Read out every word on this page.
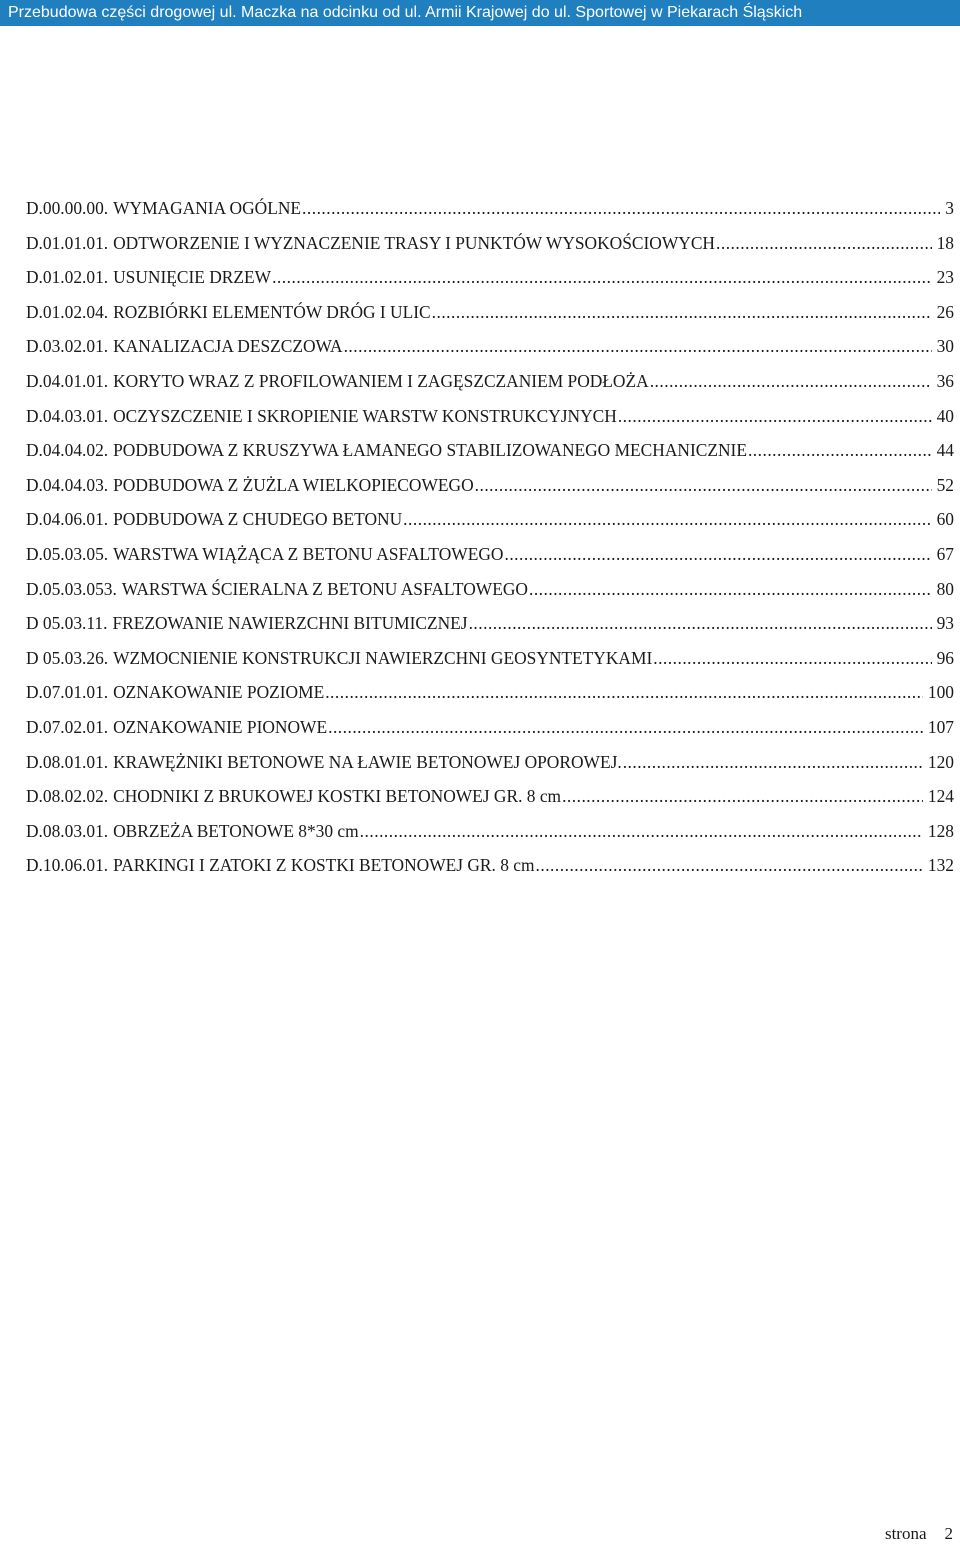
Przebudowa części drogowej ul. Maczka na odcinku od ul. Armii Krajowej do ul. Sportowej w Piekarach Śląskich
D.00.00.00. WYMAGANIA OGÓLNE .....	3
D.01.01.01. ODTWORZENIE I WYZNACZENIE TRASY I PUNKTÓW WYSOKOŚCIOWYCH .....	18
D.01.02.01. USUNIĘCIE DRZEW .....	23
D.01.02.04. ROZBIÓRKI ELEMENTÓW DRÓG I ULIC .....	26
D.03.02.01. KANALIZACJA DESZCZOWA .....	30
D.04.01.01. KORYTO WRAZ Z PROFILOWANIEM I ZAGĘSZCZANIEM PODŁOŻA .....	36
D.04.03.01. OCZYSZCZENIE I SKROPIENIE WARSTW KONSTRUKCYJNYCH .....	40
D.04.04.02. PODBUDOWA Z KRUSZYWA ŁAMANEGO STABILIZOWANEGO MECHANICZNIE .....	44
D.04.04.03. PODBUDOWA Z ŻUŻLA WIELKOPIECOWEGO .....	52
D.04.06.01. PODBUDOWA Z CHUDEGO BETONU .....	60
D.05.03.05. WARSTWA WIĄŻĄCA Z BETONU ASFALTOWEGO .....	67
D.05.03.053. WARSTWA ŚCIERALNA Z BETONU ASFALTOWEGO .....	80
D 05.03.11. FREZOWANIE NAWIERZCHNI BITUMICZNEJ .....	93
D 05.03.26. WZMOCNIENIE KONSTRUKCJI NAWIERZCHNI GEOSYNTETYKAMI .....	96
D.07.01.01. OZNAKOWANIE POZIOME .....	100
D.07.02.01. OZNAKOWANIE PIONOWE .....	107
D.08.01.01. KRAWĘŻNIKI BETONOWE NA ŁAWIE BETONOWEJ OPOROWEJ. .....	120
D.08.02.02. CHODNIKI Z BRUKOWEJ KOSTKI BETONOWEJ GR. 8 cm .....	124
D.08.03.01. OBRZEŻA BETONOWE 8*30 cm .....	128
D.10.06.01. PARKINGI I ZATOKI Z KOSTKI BETONOWEJ GR. 8 cm .....	132
strona 2
